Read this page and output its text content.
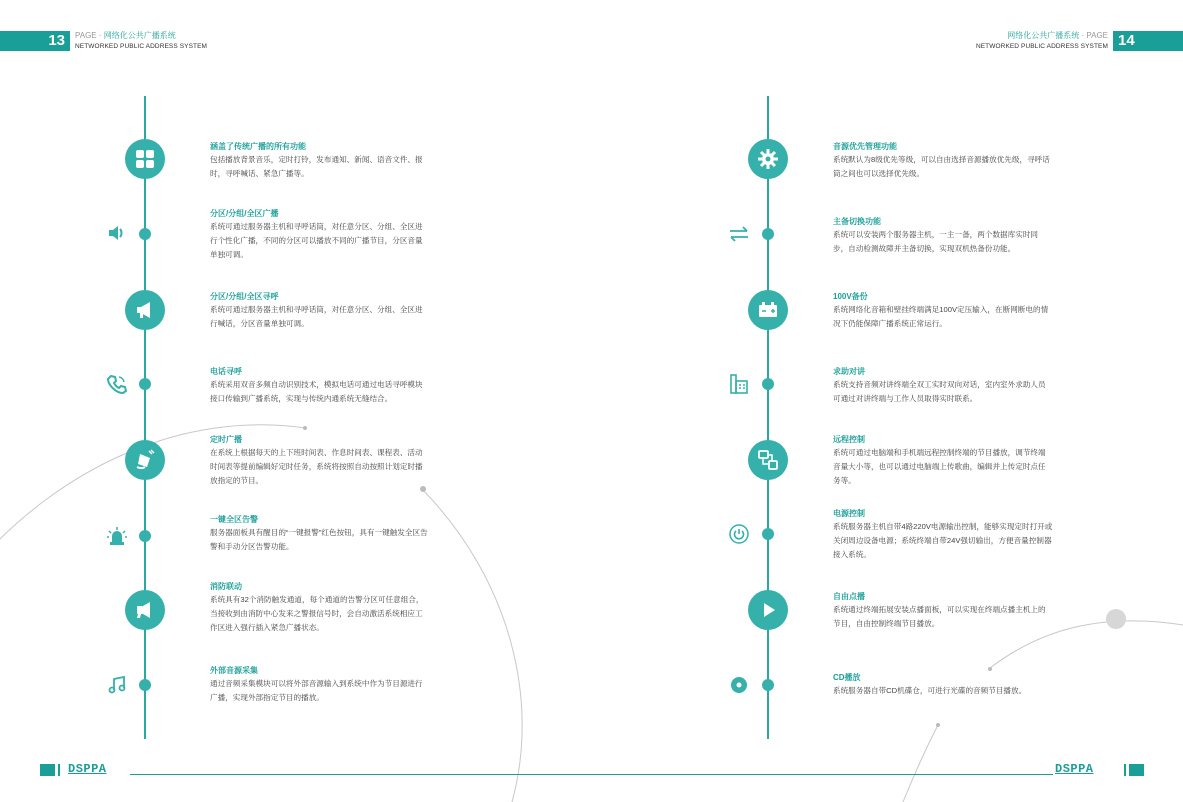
13	PAGE · 网络化公共广播系统
NETWORKED PUBLIC ADDRESS SYSTEM	14
网络化公共广播系统 · PAGE
NETWORKED PUBLIC ADDRESS SYSTEM
涵盖了传统广播的所有功能
包括播放背景音乐，定时打铃，发布通知、新闻、语音文件、报时，寻呼喊话、紧急广播等。
分区/分组/全区广播
系统可通过服务器主机和寻呼话筒，对任意分区、分组、全区进行个性化广播，不同的分区可以播放不同的广播节目，分区音量单独可调。
分区/分组/全区寻呼
系统可通过服务器主机和寻呼话筒，对任意分区、分组、全区进行喊话，分区音量单独可调。
电话寻呼
系统采用双音多频自动识别技术，模拟电话可通过电话寻呼模块接口传输到广播系统，实现与传统内通系统无缝结合。
定时广播
在系统上根据每天的上下班时间表、作息时间表、课程表、活动时间表等提前编辑好定时任务，系统将按照自动按照计划定时播放指定的节目。
一键全区告警
服务器面板具有醒目的“一键报警”红色按钮，具有一键触发全区告警和手动分区告警功能。
消防联动
系统具有32个消防触发通道，每个通道的告警分区可任意组合，当接收到由消防中心发来之警报信号时，会自动激活系统相应工作区进入强行插入紧急广播状态。
外部音源采集
通过音频采集模块可以将外部音源输入到系统中作为节目源进行广播，实现外部指定节目的播放。
音源优先管理功能
系统默认为8级优先等级，可以自由选择音源播放优先级，寻呼话筒之间也可以选择优先级。
主备切换功能
系统可以安装两个服务器主机，一主一备，两个数据库实时同步，自动检测故障并主备切换，实现双机热备份功能。
100V备份
系统网络化音箱和壁挂终端满足100V定压输入，在断网断电的情况下仍能保障广播系统正常运行。
求助对讲
系统支持音频对讲终端全双工实时双向对话，室内室外求助人员可通过对讲终端与工作人员取得实时联系。
远程控制
系统可通过电脑端和手机端远程控制终端的节目播放，调节终端音量大小等，也可以通过电脑端上传歌曲，编辑并上传定时点任务等。
电源控制
系统服务器主机自带4路220V电源输出控制，能够实现定时打开或关闭周边设备电源；系统终端自带24V强切输出，方便音量控制器接入系统。
自由点播
系统通过终端拓展安装点播面板，可以实现在终端点播主机上的节目，自由控制终端节目播放。
CD播放
系统服务器自带CD机碟仓，可进行光碟的音频节目播放。
DSPPA	DSPPA
